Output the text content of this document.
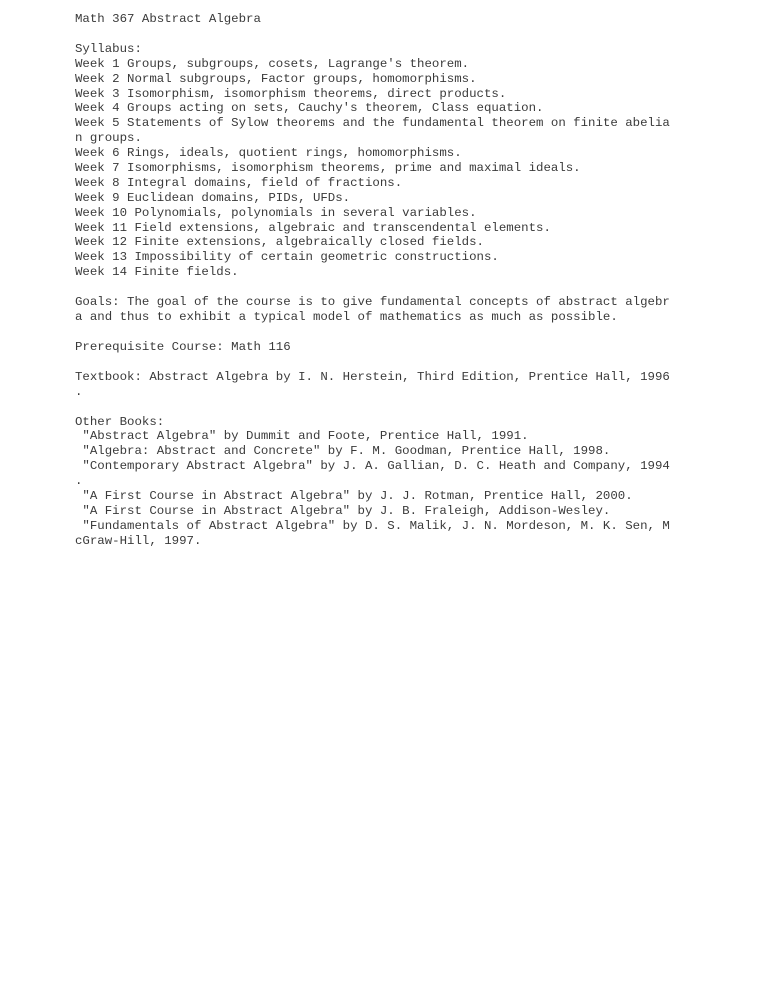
Math 367 Abstract Algebra
Syllabus:
Week 1 Groups, subgroups, cosets, Lagrange's theorem.
Week 2 Normal subgroups, Factor groups, homomorphisms.
Week 3 Isomorphism, isomorphism theorems, direct products.
Week 4 Groups acting on sets, Cauchy's theorem, Class equation.
Week 5 Statements of Sylow theorems and the fundamental theorem on finite abelia
n groups.
Week 6 Rings, ideals, quotient rings, homomorphisms.
Week 7 Isomorphisms, isomorphism theorems, prime and maximal ideals.
Week 8 Integral domains, field of fractions.
Week 9 Euclidean domains, PIDs, UFDs.
Week 10 Polynomials, polynomials in several variables.
Week 11 Field extensions, algebraic and transcendental elements.
Week 12 Finite extensions, algebraically closed fields.
Week 13 Impossibility of certain geometric constructions.
Week 14 Finite fields.
Goals: The goal of the course is to give fundamental concepts of abstract algebr
a and thus to exhibit a typical model of mathematics as much as possible.
Prerequisite Course: Math 116
Textbook: Abstract Algebra by I. N. Herstein, Third Edition, Prentice Hall, 1996
.
Other Books:
"Abstract Algebra" by Dummit and Foote, Prentice Hall, 1991.
"Algebra: Abstract and Concrete" by F. M. Goodman, Prentice Hall, 1998.
"Contemporary Abstract Algebra" by J. A. Gallian, D. C. Heath and Company, 1994
.
"A First Course in Abstract Algebra" by J. J. Rotman, Prentice Hall, 2000.
"A First Course in Abstract Algebra" by J. B. Fraleigh, Addison-Wesley.
"Fundamentals of Abstract Algebra" by D. S. Malik, J. N. Mordeson, M. K. Sen, M
cGraw-Hill, 1997.
